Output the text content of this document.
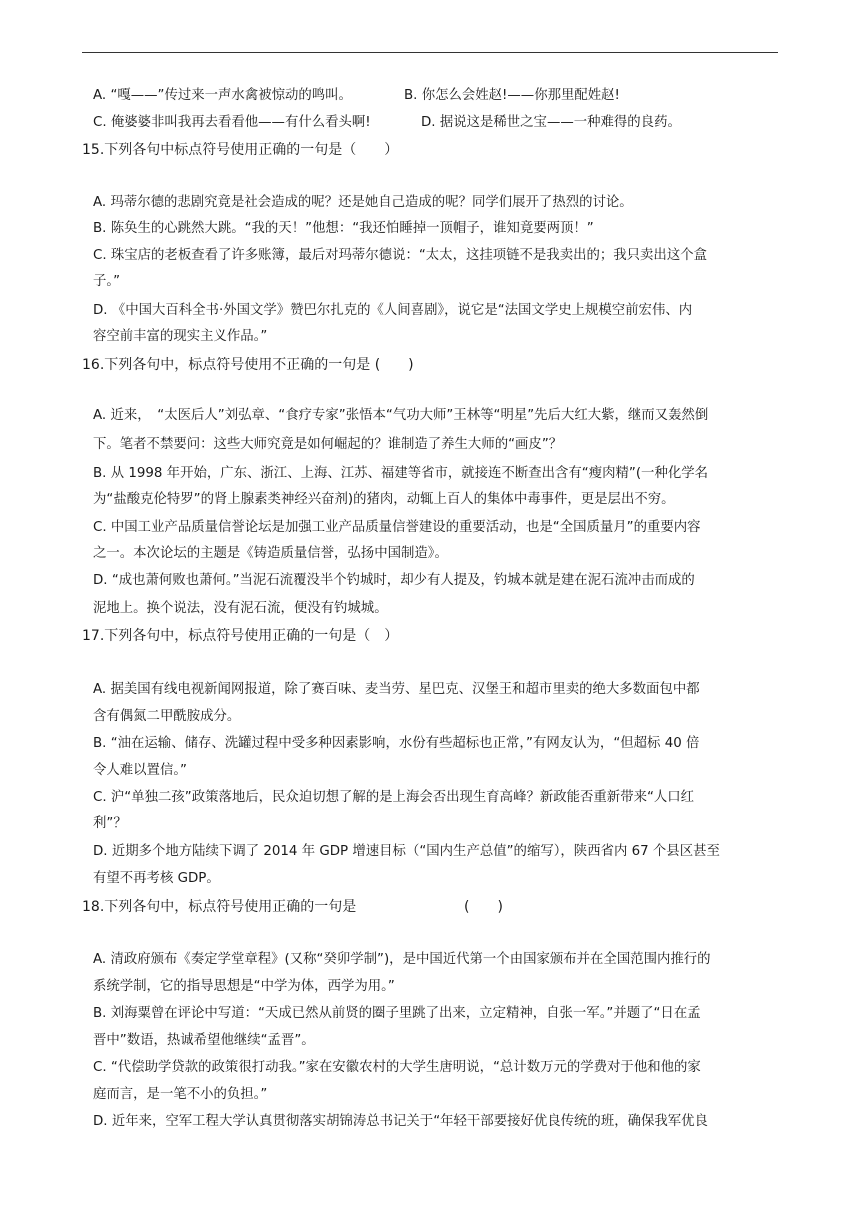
A. “嘎——”传过来一声水禽被惊动的鸣叫。	B. 你怎么会姓赵!——你那里配姓赵!
C. 俺婆婆非叫我再去看看他——有什么看头啊!	D. 据说这是稀世之宝——一种难得的良药。
15.下列各句中标点符号使用正确的一句是（　　）
A. 玛蒂尔德的悲剧究竟是社会造成的呢？还是她自己造成的呢？同学们展开了热烈的讨论。
B. 陈奂生的心跳然大跳。“我的天！”他想：“我还怕睡掉一顶帽子，谁知竟要两顶！”
C. 珠宝店的老板查看了许多账簿，最后对玛蒂尔德说：“太太，这挂项链不是我卖出的；我只卖出这个盒
子。”
D. 《中国大百科全书·外国文学》赞巴尔扎克的《人间喜剧》，说它是“法国文学史上规模空前宏伟、内
容空前丰富的现实主义作品。”
16.下列各句中，标点符号使用不正确的一句是 (　　)
A. 近来，　“太医后人”刘弘章、“食疗专家”张悟本“气功大师”王林等“明星”先后大红大紫，继而又轰然倒
下。笔者不禁要问：这些大师究竟是如何崛起的？谁制造了养生大师的“画皮”？
B. 从 1998 年开始，广东、浙江、上海、江苏、福建等省市，就接连不断查出含有“瘦肉精”(一种化学名
为“盐酸克伦特罗”的肾上腺素类神经兴奋剂)的猪肉，动辄上百人的集体中毒事件，更是层出不穷。
C. 中国工业产品质量信誉论坛是加强工业产品质量信誉建设的重要活动，也是“全国质量月”的重要内容
之一。本次论坛的主题是《铸造质量信誉，弘扬中国制造》。
D. “成也萧何败也萧何。”当泥石流覆没半个钓城时，却少有人提及，钓城本就是建在泥石流冲击而成的
泥地上。换个说法，没有泥石流，便没有钓城城。
17.下列各句中，标点符号使用正确的一句是（　）
A. 据美国有线电视新闻网报道，除了赛百味、麦当劳、星巴克、汉堡王和超市里卖的绝大多数面包中都
含有偶氮二甲酰胺成分。
B. “油在运输、储存、洗罐过程中受多种因素影响，水份有些超标也正常，”有网友认为，“但超标 40 倍
令人难以置信。”
C. 沪“单独二孩”政策落地后，民众迫切想了解的是上海会否出现生育高峰？新政能否重新带来“人口红
利”？
D. 近期多个地方陆续下调了 2014 年 GDP 增速目标（“国内生产总值”的缩写），陕西省内 67 个县区甚至
有望不再考核 GDP。
18.下列各句中，标点符号使用正确的一句是	(　　)
A. 清政府颁布《奏定学堂章程》(又称“癸卯学制”)，是中国近代第一个由国家颁布并在全国范围内推行的
系统学制，它的指导思想是“中学为体，西学为用。”
B. 刘海粟曾在评论中写道：“天成已然从前贤的圈子里跳了出来，立定精神，自张一军。”并题了“日在孟
晋中”数语，热诚希望他继续“孟晋”。
C. “代偿助学贷款的政策很打动我。”家在安徽农村的大学生唐明说，“总计数万元的学费对于他和他的家
庭而言，是一笔不小的负担。”
D. 近年来，空军工程大学认真贯彻落实胡锦涛总书记关于“年轻干部要接好优良传统的班，确保我军优良
